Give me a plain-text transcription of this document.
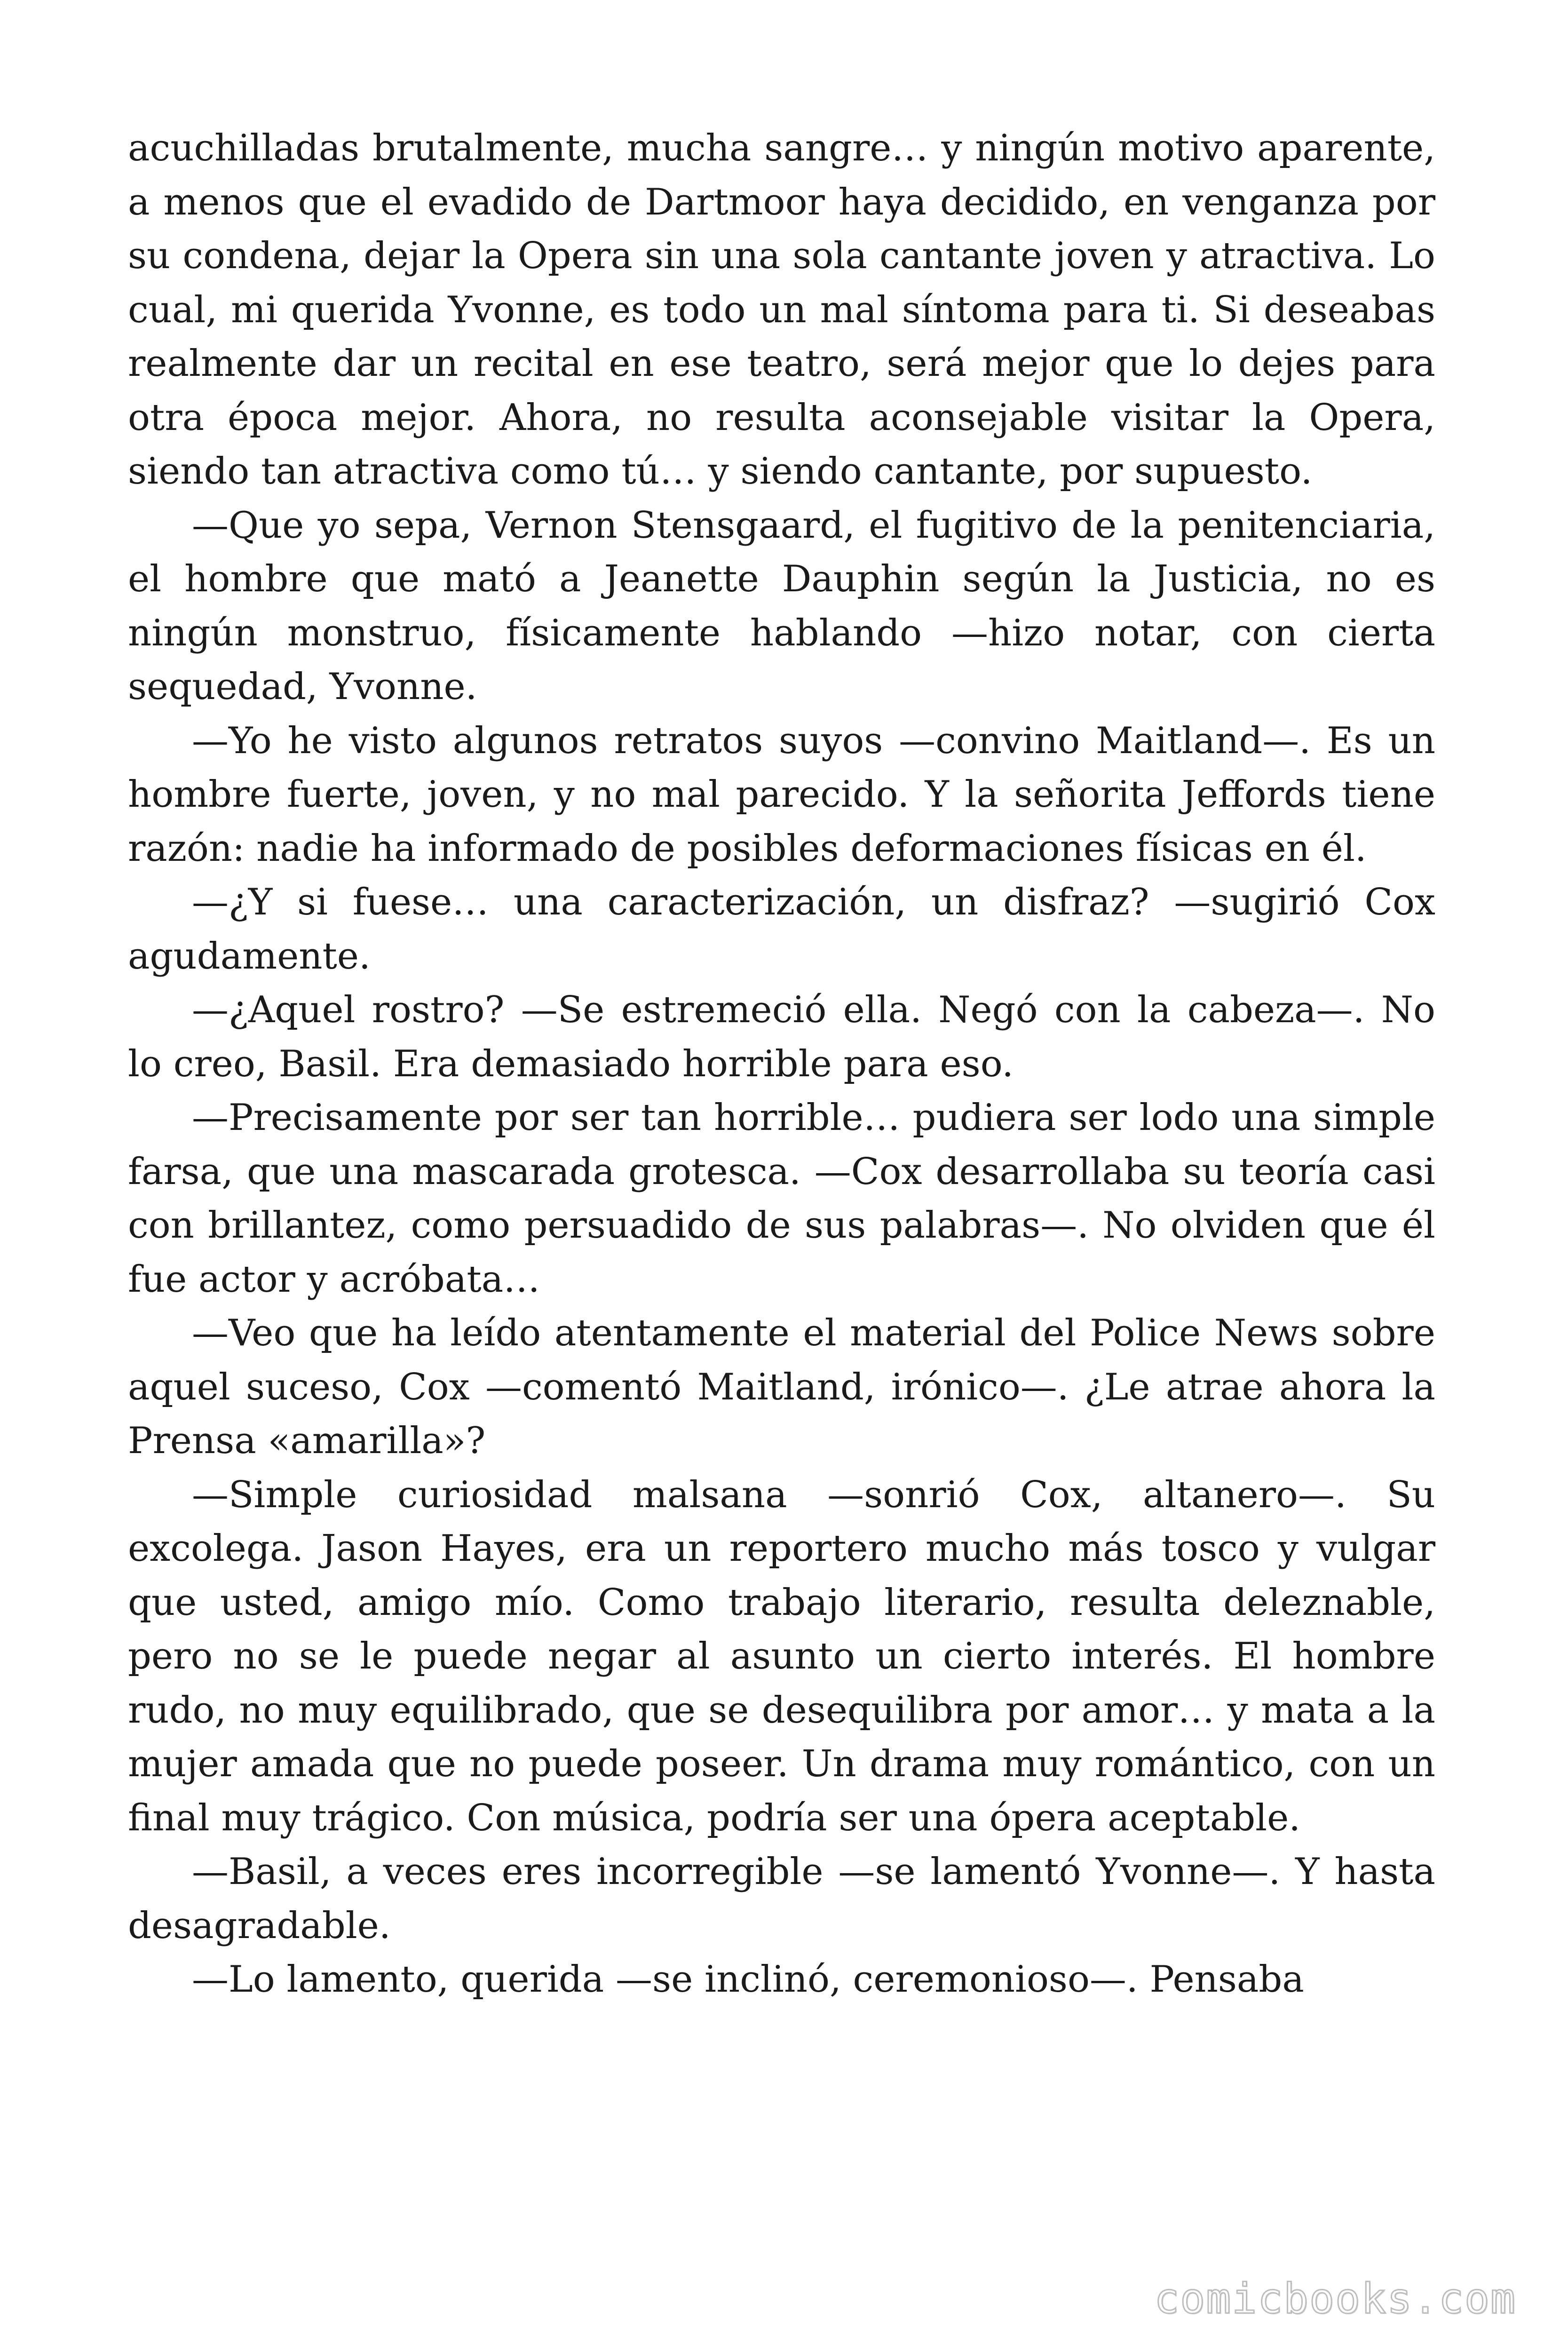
acuchilladas brutalmente, mucha sangre… y ningún motivo aparente, a menos que el evadido de Dartmoor haya decidido, en venganza por su condena, dejar la Opera sin una sola cantante joven y atractiva. Lo cual, mi querida Yvonne, es todo un mal síntoma para ti. Si deseabas realmente dar un recital en ese teatro, será mejor que lo dejes para otra época mejor. Ahora, no resulta aconsejable visitar la Opera, siendo tan atractiva como tú… y siendo cantante, por supuesto.

—Que yo sepa, Vernon Stensgaard, el fugitivo de la penitenciaria, el hombre que mató a Jeanette Dauphin según la Justicia, no es ningún monstruo, físicamente hablando —hizo notar, con cierta sequedad, Yvonne.

—Yo he visto algunos retratos suyos —convino Maitland—. Es un hombre fuerte, joven, y no mal parecido. Y la señorita Jeffords tiene razón: nadie ha informado de posibles deformaciones físicas en él.

—¿Y si fuese… una caracterización, un disfraz? —sugirió Cox agudamente.

—¿Aquel rostro? —Se estremeció ella. Negó con la cabeza—. No lo creo, Basil. Era demasiado horrible para eso.

—Precisamente por ser tan horrible… pudiera ser lodo una simple farsa, que una mascarada grotesca. —Cox desarrollaba su teoría casi con brillantez, como persuadido de sus palabras—. No olviden que él fue actor y acróbata…

—Veo que ha leído atentamente el material del Police News sobre aquel suceso, Cox —comentó Maitland, irónico—. ¿Le atrae ahora la Prensa «amarilla»?

—Simple curiosidad malsana —sonrió Cox, altanero—. Su excolega. Jason Hayes, era un reportero mucho más tosco y vulgar que usted, amigo mío. Como trabajo literario, resulta deleznable, pero no se le puede negar al asunto un cierto interés. El hombre rudo, no muy equilibrado, que se desequilibra por amor… y mata a la mujer amada que no puede poseer. Un drama muy romántico, con un final muy trágico. Con música, podría ser una ópera aceptable.

—Basil, a veces eres incorregible —se lamentó Yvonne—. Y hasta desagradable.

—Lo lamento, querida —se inclinó, ceremonioso—. Pensaba

comicbooks.com
